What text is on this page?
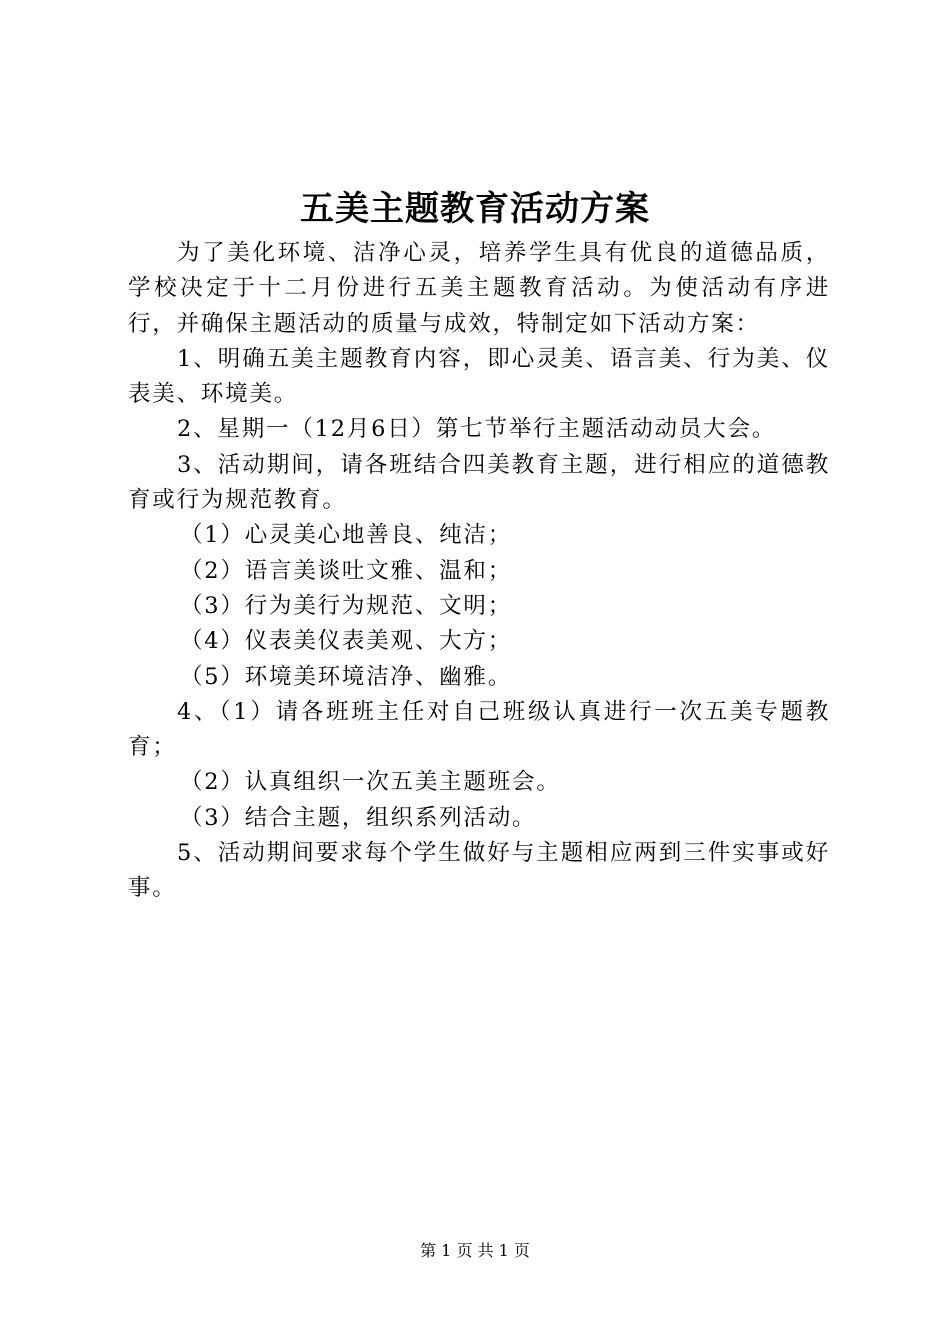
五美主题教育活动方案

为了美化环境、洁净心灵，培养学生具有优良的道德品质，学校决定于十二月份进行五美主题教育活动。为使活动有序进行，并确保主题活动的质量与成效，特制定如下活动方案：

1、明确五美主题教育内容，即心灵美、语言美、行为美、仪表美、环境美。

2、星期一（12月6日）第七节举行主题活动动员大会。

3、活动期间，请各班结合四美教育主题，进行相应的道德教育或行为规范教育。

（1）心灵美心地善良、纯洁；

（2）语言美谈吐文雅、温和；

（3）行为美行为规范、文明；

（4）仪表美仪表美观、大方；

（5）环境美环境洁净、幽雅。

4、（1）请各班班主任对自己班级认真进行一次五美专题教育；

（2）认真组织一次五美主题班会。

（3）结合主题，组织系列活动。

5、活动期间要求每个学生做好与主题相应两到三件实事或好事。

第 1 页 共 1 页
